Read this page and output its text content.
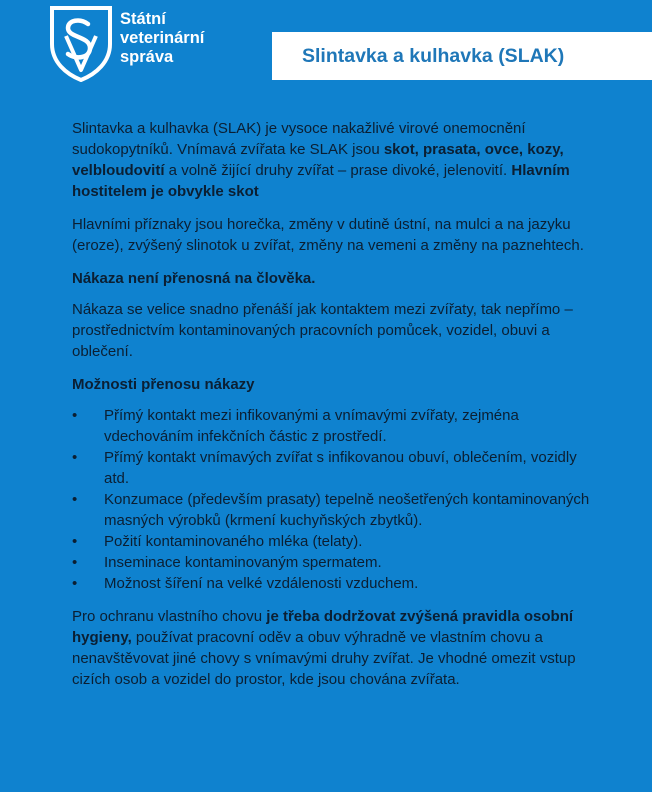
Státní
veterinární
správa	Slintavka a kulhavka (SLAK)

Slintavka a kulhavka (SLAK) je vysoce nakažlivé virové onemocnění sudokopytníků. Vnímavá zvířata ke SLAK jsou skot, prasata, ovce, kozy, velbloudovití a volně žijící druhy zvířat – prase divoké, jelenovití. Hlavním hostitelem je obvykle skot

Hlavními příznaky jsou horečka, změny v dutině ústní, na mulci a na jazyku (eroze), zvýšený slinotok u zvířat, změny na vemeni a změny na paznehtech.

Nákaza není přenosná na člověka.

Nákaza se velice snadno přenáší jak kontaktem mezi zvířaty, tak nepřímo – prostřednictvím kontaminovaných pracovních pomůcek, vozidel, obuvi a oblečení.

Možnosti přenosu nákazy

• Přímý kontakt mezi infikovanými a vnímavými zvířaty, zejména vdechováním infekčních částic z prostředí.
• Přímý kontakt vnímavých zvířat s infikovanou obuví, oblečením, vozidly atd.
• Konzumace (především prasaty) tepelně neošetřených kontaminovaných masných výrobků (krmení kuchyňských zbytků).
• Požití kontaminovaného mléka (telaty).
• Inseminace kontaminovaným spermatem.
• Možnost šíření na velké vzdálenosti vzduchem.

Pro ochranu vlastního chovu je třeba dodržovat zvýšená pravidla osobní hygieny, používat pracovní oděv a obuv výhradně ve vlastním chovu a nenavštěvovat jiné chovy s vnímavými druhy zvířat. Je vhodné omezit vstup cizích osob a vozidel do prostor, kde jsou chována zvířata.
